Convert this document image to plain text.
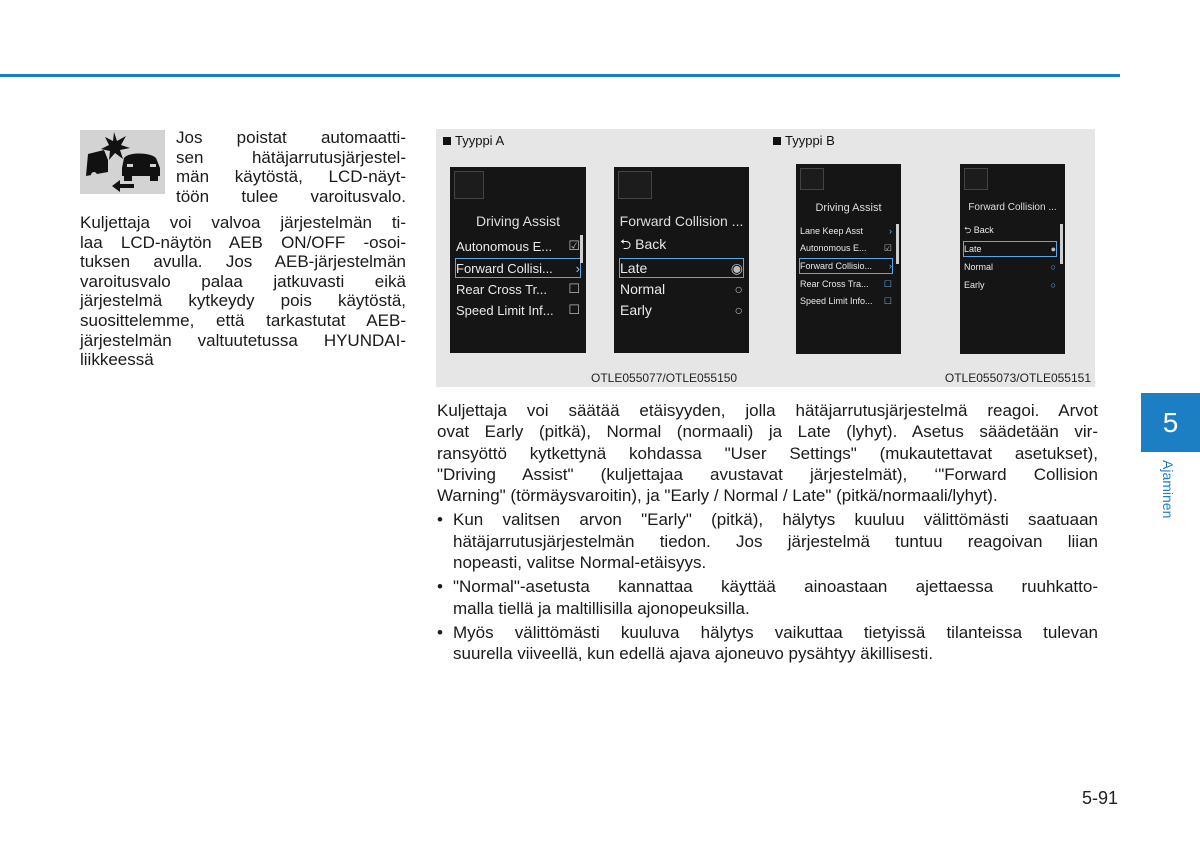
5
Ajaminen
Jos poistat automaatti-
sen hätäjarrutusjärjestel-
män käytöstä, LCD-näyt-
töön tulee varoitusvalo.
Kuljettaja voi valvoa järjestelmän ti-
laa LCD-näytön AEB ON/OFF -osoi-
tuksen avulla. Jos AEB-järjestelmän
varoitusvalo palaa jatkuvasti eikä
järjestelmä kytkeydy pois käytöstä,
suosittelemme, että tarkastutat AEB-
järjestelmän valtuutetussa HYUNDAI-
liikkeessä
Tyyppi A	Tyyppi B
Driving Assist
Autonomous E... ☑
Forward Collisi... ›
Rear Cross Tr... ☐
Speed Limit Inf... ☐
Forward Collision ...
⮌ Back
Late	◉
Normal	○
Early	○
Driving Assist
Lane Keep Asst	›
Autonomous E... ☑
Forward Collisio... ›
Rear Cross Tra... ☐
Speed Limit Info... ☐
Forward Collision ...
⮌ Back
Late	●
Normal	○
Early	○
OTLE055077/OTLE055150	OTLE055073/OTLE055151
Kuljettaja voi säätää etäisyyden, jolla hätäjarrutusjärjestelmä reagoi. Arvot
ovat Early (pitkä), Normal (normaali) ja Late (lyhyt). Asetus säädetään vir-
ransyöttö kytkettynä kohdassa "User Settings" (mukautettavat asetukset),
"Driving Assist" (kuljettajaa avustavat järjestelmät), ‘"Forward Collision
Warning" (törmäysvaroitin), ja "Early / Normal / Late" (pitkä/normaali/lyhyt).
• Kun valitsen arvon "Early" (pitkä), hälytys kuuluu välittömästi saatuaan
hätäjarrutusjärjestelmän tiedon. Jos järjestelmä tuntuu reagoivan liian
nopeasti, valitse Normal-etäisyys.
• "Normal"-asetusta kannattaa käyttää ainoastaan ajettaessa ruuhkatto-
malla tiellä ja maltillisilla ajonopeuksilla.
• Myös välittömästi kuuluva hälytys vaikuttaa tietyissä tilanteissa tulevan
suurella viiveellä, kun edellä ajava ajoneuvo pysähtyy äkillisesti.
5-91
